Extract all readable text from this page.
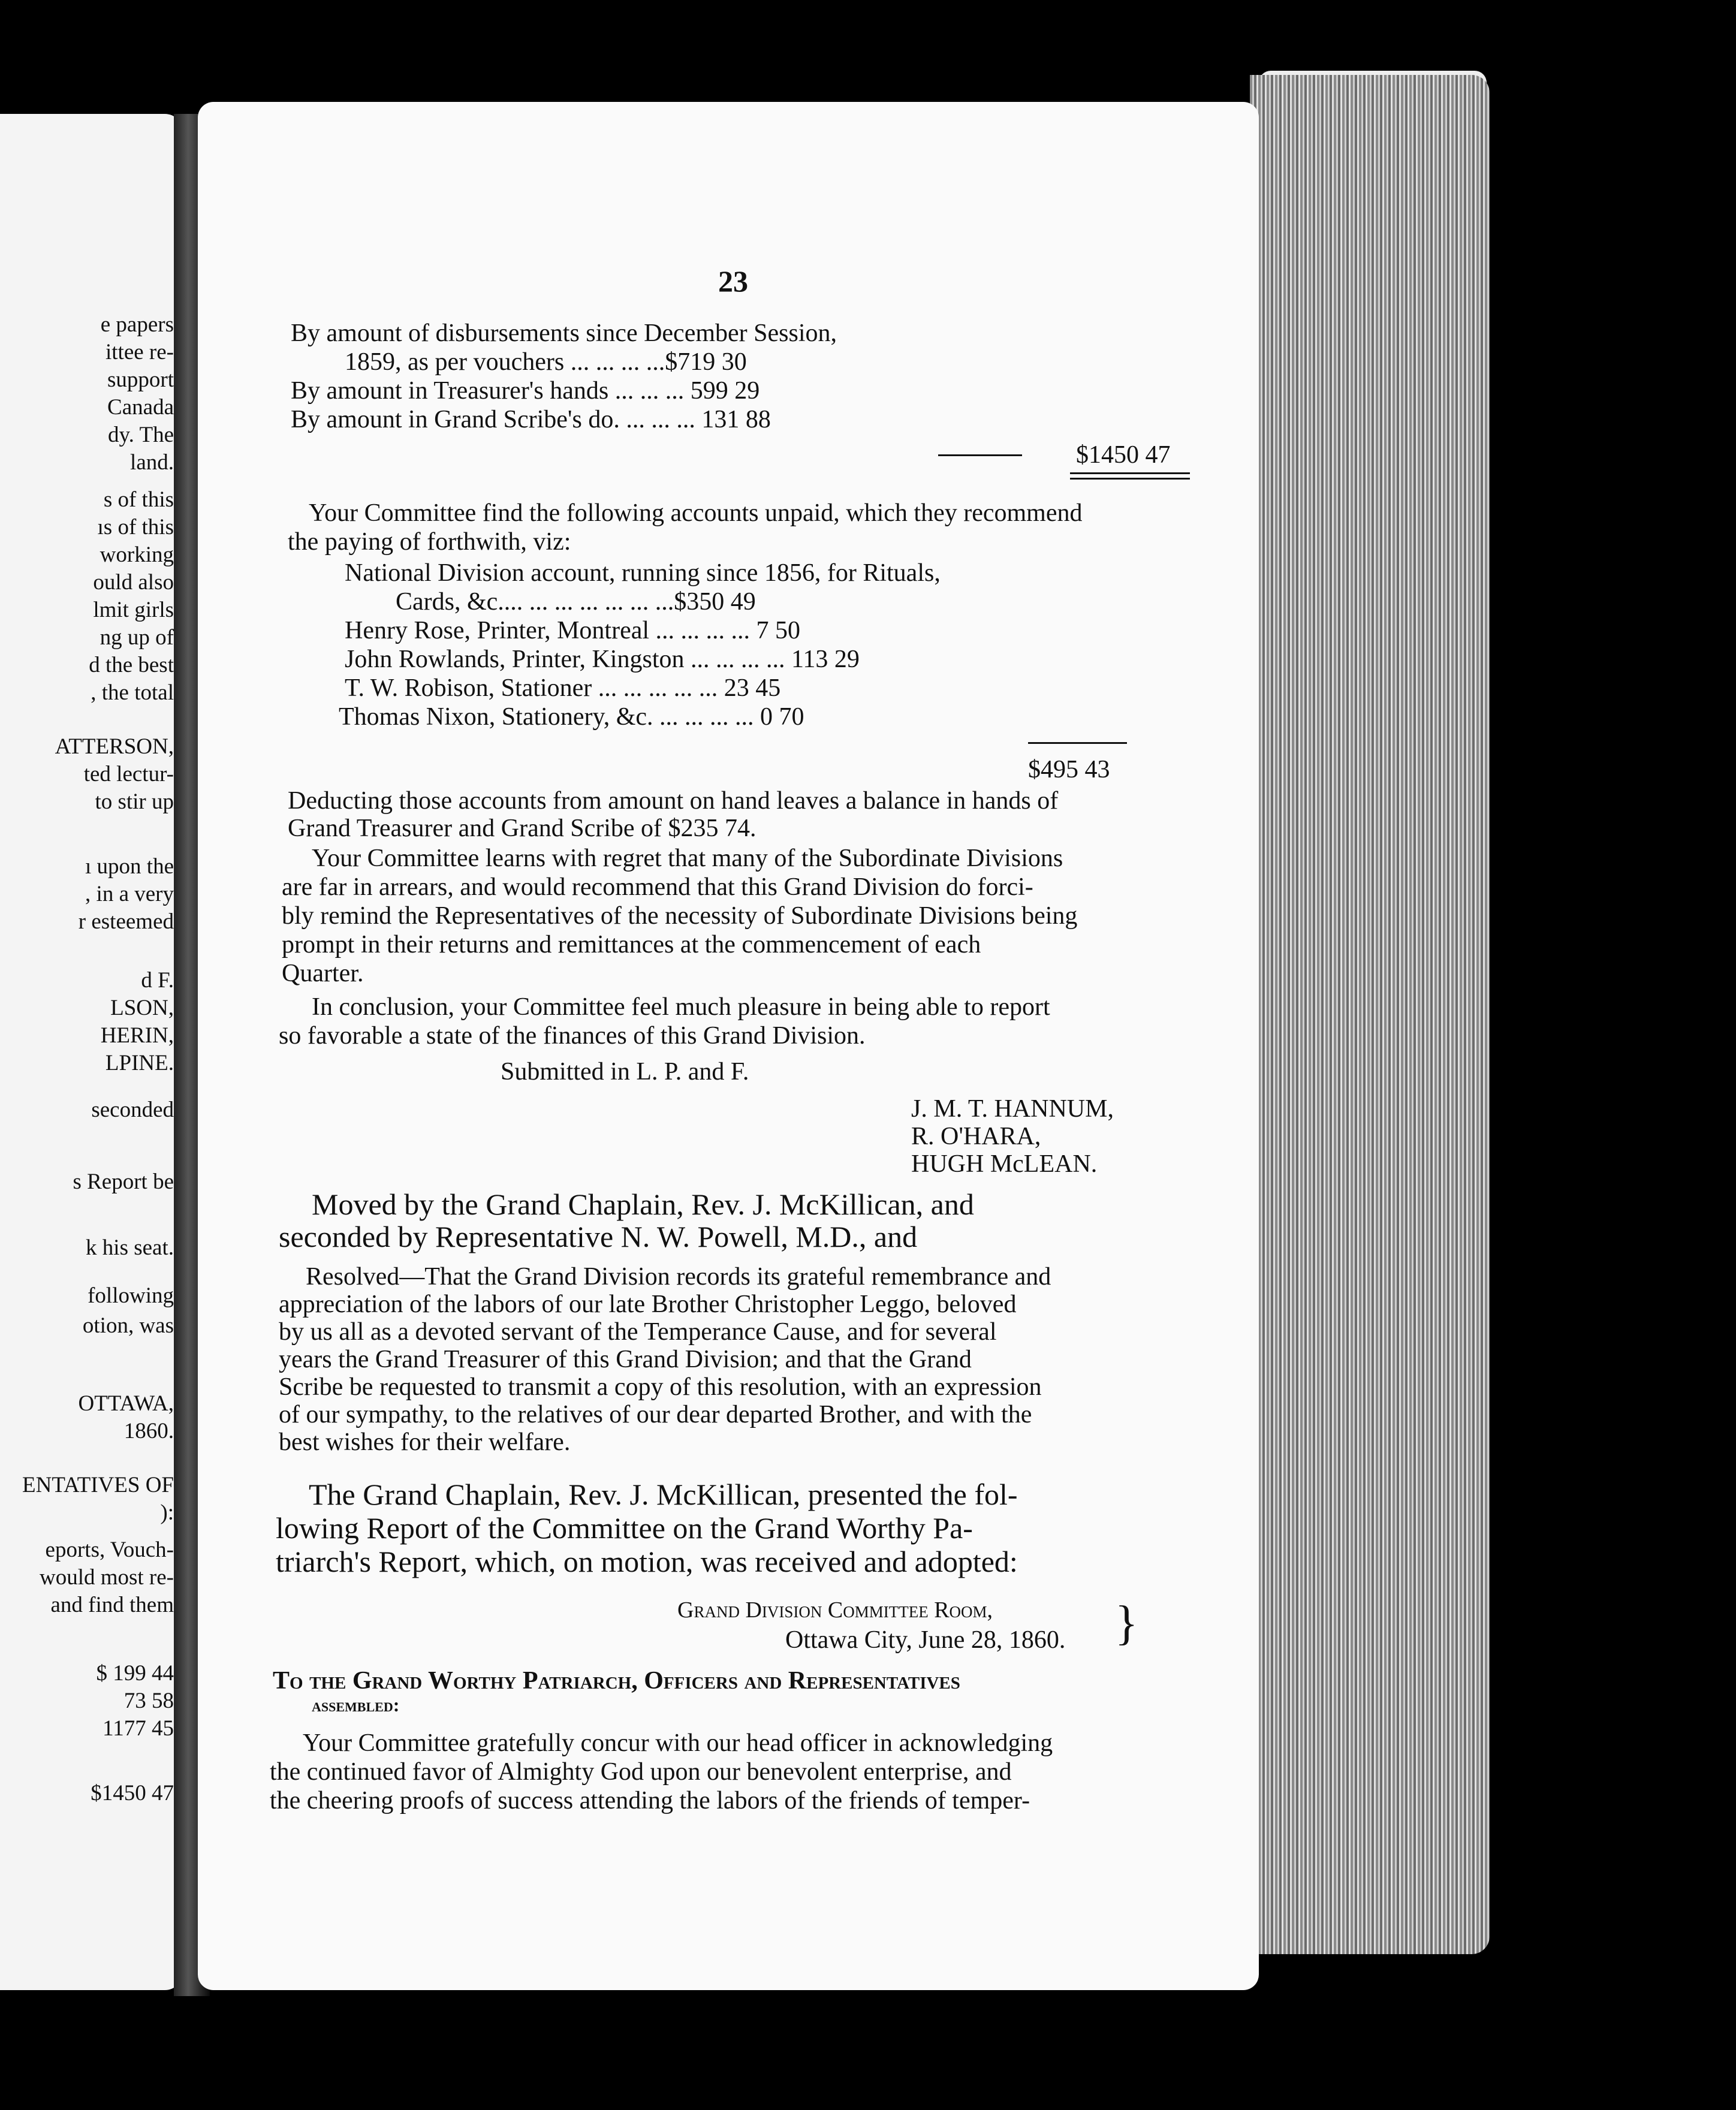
e papers
ittee re-
support
Canada
dy. The
land.
s of this
ıs of this
working
ould also
lmit girls
ng up of
d the best
, the total
ATTERSON,
ted lectur-
to stir up
ı upon the
, in a very
r esteemed
d F.
LSON,
HERIN,
LPINE.
seconded
s Report be
k his seat.
following
otion, was
OTTAWA,
1860.
ENTATIVES OF
):
eports, Vouch-
would most re-
and find them
$ 199 44
73 58
1177 45
$1450 47
23
By amount of disbursements since December Session,
1859, as per vouchers ... ... ... ...$719 30
By amount in Treasurer's hands ... ... ... 599 29
By amount in Grand Scribe's do. ... ... ... 131 88
$1450 47
Your Committee find the following accounts unpaid, which they recommend
the paying of forthwith, viz:
National Division account, running since 1856, for Rituals,
Cards, &c.... ... ... ... ... ... ...$350 49
Henry Rose, Printer, Montreal ... ... ... ... 7 50
John Rowlands, Printer, Kingston ... ... ... ... 113 29
T. W. Robison, Stationer ... ... ... ... ... 23 45
Thomas Nixon, Stationery, &c. ... ... ... ... 0 70
$495 43
Deducting those accounts from amount on hand leaves a balance in hands of
Grand Treasurer and Grand Scribe of $235 74.
Your Committee learns with regret that many of the Subordinate Divisions
are far in arrears, and would recommend that this Grand Division do forci-
bly remind the Representatives of the necessity of Subordinate Divisions being
prompt in their returns and remittances at the commencement of each
Quarter.
In conclusion, your Committee feel much pleasure in being able to report
so favorable a state of the finances of this Grand Division.
Submitted in L. P. and F.
J. M. T. HANNUM,
R. O'HARA,
HUGH McLEAN.
Moved by the Grand Chaplain, Rev. J. McKillican, and
seconded by Representative N. W. Powell, M.D., and
Resolved—That the Grand Division records its grateful remembrance and
appreciation of the labors of our late Brother Christopher Leggo, beloved
by us all as a devoted servant of the Temperance Cause, and for several
years the Grand Treasurer of this Grand Division; and that the Grand
Scribe be requested to transmit a copy of this resolution, with an expression
of our sympathy, to the relatives of our dear departed Brother, and with the
best wishes for their welfare.
The Grand Chaplain, Rev. J. McKillican, presented the fol-
lowing Report of the Committee on the Grand Worthy Pa-
triarch's Report, which, on motion, was received and adopted:
Grand Division Committee Room,
Ottawa City, June 28, 1860. }
To the Grand Worthy Patriarch, Officers and Representatives
assembled:
Your Committee gratefully concur with our head officer in acknowledging
the continued favor of Almighty God upon our benevolent enterprise, and
the cheering proofs of success attending the labors of the friends of temper-
